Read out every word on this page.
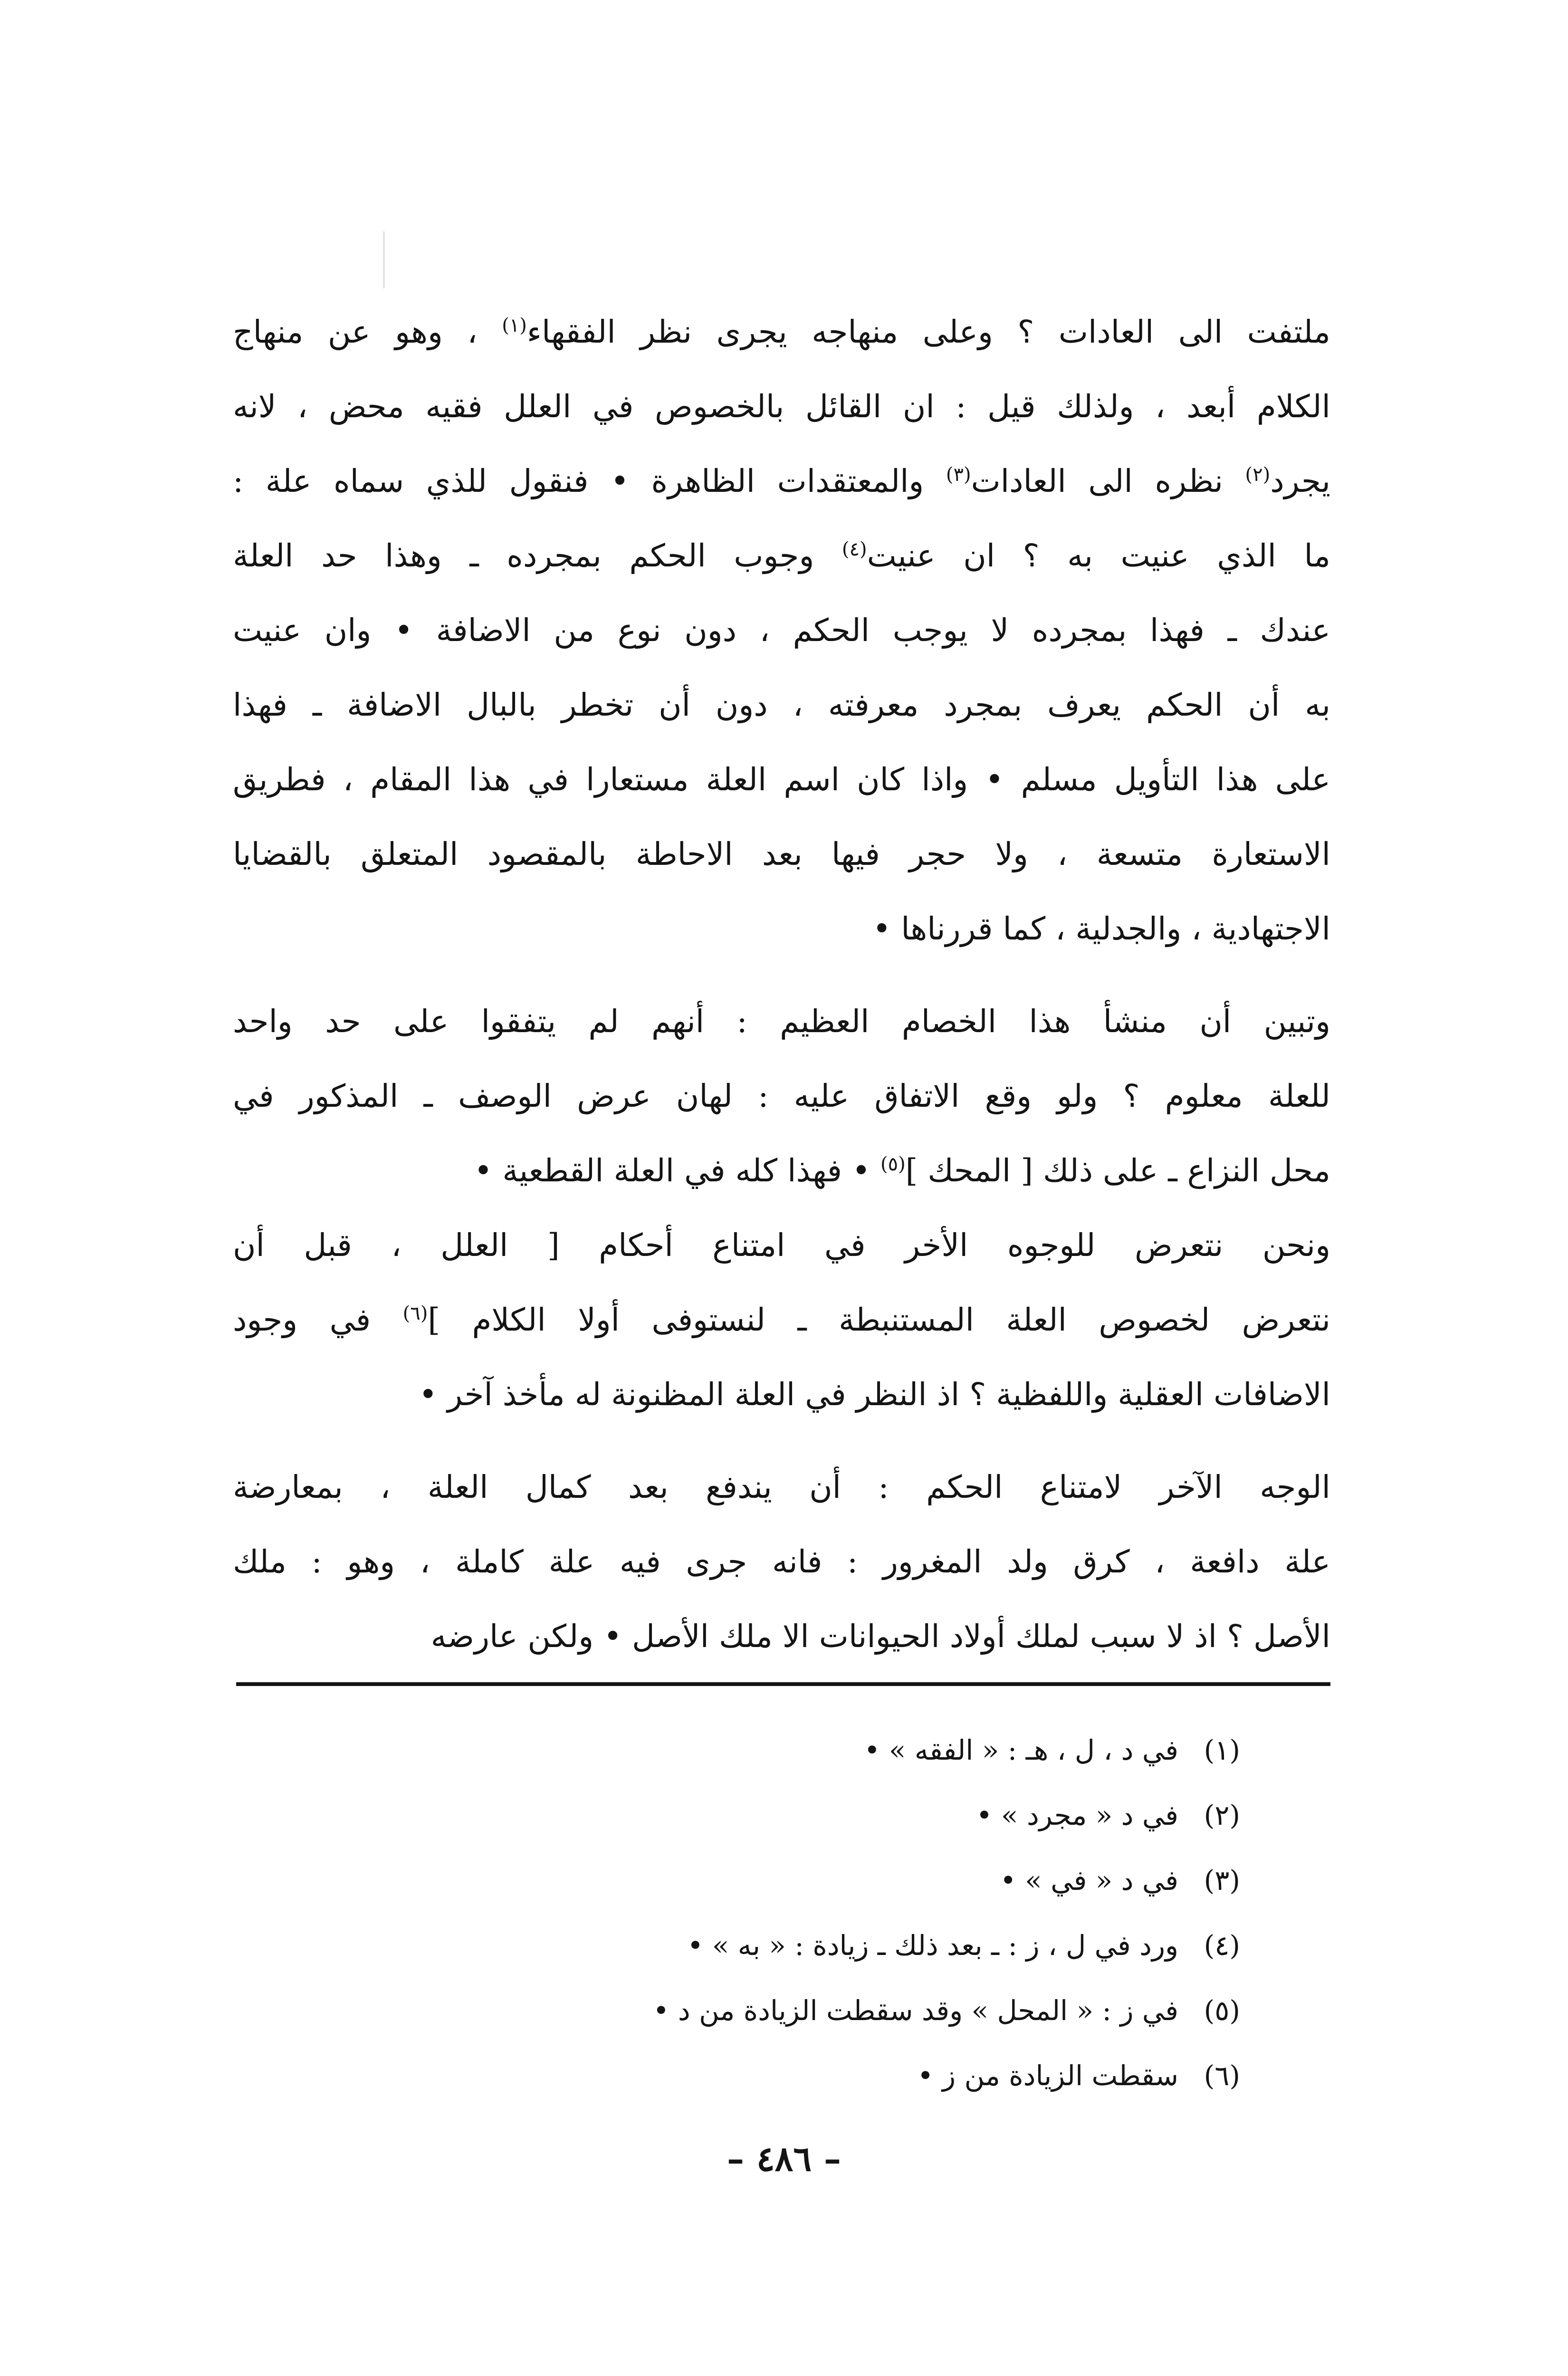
ملتفت الى العادات ؟ وعلى منهاجه يجرى نظر الفقهاء$^{(١)}$ ، وهو عن منهاج
الكلام أبعد ، ولذلك قيل : ان القائل بالخصوص في العلل فقيه محض ، لانه
يجرد$^{(٢)}$ نظره الى العادات$^{(٣)}$ والمعتقدات الظاهرة • فنقول للذي سماه علة :
ما الذي عنيت به ؟ ان عنيت$^{(٤)}$ وجوب الحكم بمجرده ـ وهذا حد العلة
عندك ـ فهذا بمجرده لا يوجب الحكم ، دون نوع من الاضافة • وان عنيت
به أن الحكم يعرف بمجرد معرفته ، دون أن تخطر بالبال الاضافة ـ فهذا
على هذا التأويل مسلم • واذا كان اسم العلة مستعارا في هذا المقام ، فطريق
الاستعارة متسعة ، ولا حجر فيها بعد الاحاطة بالمقصود المتعلق بالقضايا
الاجتهادية ، والجدلية ، كما قررناها •
وتبين أن منشأ هذا الخصام العظيم : أنهم لم يتفقوا على حد واحد
للعلة معلوم ؟ ولو وقع الاتفاق عليه : لهان عرض الوصف ـ المذكور في
محل النزاع ـ على ذلك [ المحك ]$^{(٥)}$ • فهذا كله في العلة القطعية •
ونحن نتعرض للوجوه الأخر في امتناع أحكام [ العلل ، قبل أن
نتعرض لخصوص العلة المستنبطة ـ لنستوفى أولا الكلام ]$^{(٦)}$ في وجود
الاضافات العقلية واللفظية ؟ اذ النظر في العلة المظنونة له مأخذ آخر •
الوجه الآخر لامتناع الحكم : أن يندفع بعد كمال العلة ، بمعارضة
علة دافعة ، كرق ولد المغرور : فانه جرى فيه علة كاملة ، وهو : ملك
الأصل ؟ اذ لا سبب لملك أولاد الحيوانات الا ملك الأصل • ولكن عارضه
(١)في د ، ل ، هـ : « الفقه » •
(٢)في د « مجرد » •
(٣)في د « في » •
(٤)ورد في ل ، ز : ـ بعد ذلك ـ زيادة : « به » •
(٥)في ز : « المحل » وقد سقطت الزيادة من د •
(٦)سقطت الزيادة من ز •
–٤٨٦–
